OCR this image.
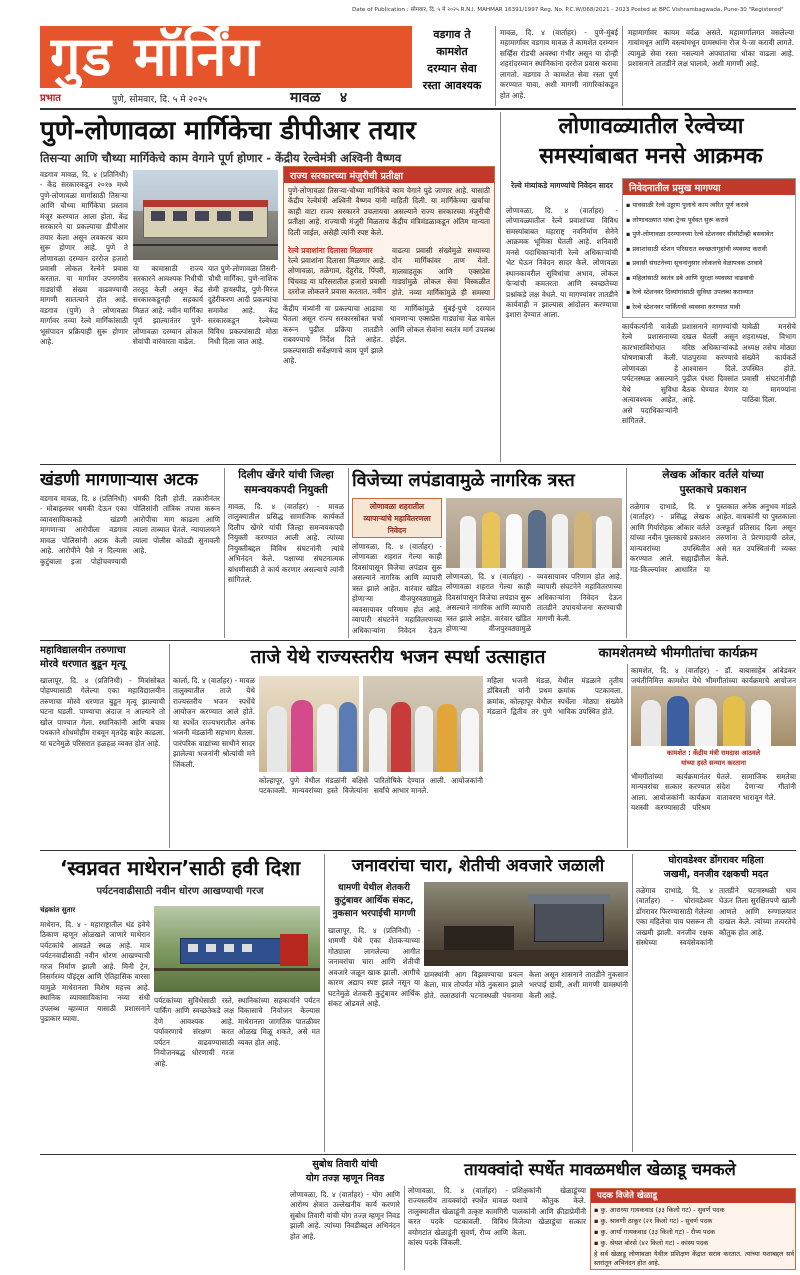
Date of Publication : सोमवार, दि. ५ मे २०२५ R.N.I. MAHMAR 16391/1997 Reg. No. P.C.W/068/2021 - 2023 Posted at BPC Vishrambagwada, Pune-30 "Registered"
गुड मॉर्निंग
प्रभात	पुणे, सोमवार, दि. ५ मे २०२५	मावळ ४
वडगाव ते
कामशेत
दरम्यान सेवा
रस्ता आवश्यक
मावळ, दि. ४ (वार्ताहर) - पुणे-मुंबई महामार्गावर वडगाव मावळ ते कामशेत दरम्यान सर्व्हिस रोडची अवस्था गंभीर असून या दोन्ही शहरांदरम्यान स्थानिकांना दररोज प्रवास करावा लागतो. वडगाव ते कामशेत सेवा रस्ता पूर्ण करण्यात यावा, अशी मागणी नागरिकांकडून होत आहे.
महामार्गावर कायम वर्दळ असते. महामार्गालगत वसलेल्या गावांमधून आणि वस्त्यांमधून ग्रामस्थांना रोज ये-जा करावी लागते. त्यामुळे सेवा रस्ता नसल्याने अपघातांचा धोका वाढला आहे. प्रशासनाने तातडीने लक्ष घालावे, अशी मागणी आहे.
पुणे-लोणावळा मार्गिकेचा डीपीआर तयार
तिसऱ्या आणि चौथ्या मार्गिकेचे काम वेगाने पूर्ण होणार - केंद्रीय रेल्वेमंत्री अश्विनी वैष्णव
वडगाव मावळ, दि. ४ (प्रतिनिधी) - केंद्र सरकारकडून २०१७ मध्ये पुणे-लोणावळा मार्गासाठी तिसऱ्या आणि चौथ्या मार्गिकेचा प्रस्ताव मंजूर करण्यात आला होता. केंद्र सरकारने या प्रकल्पाचा डीपीआर तयार केला असून लवकरच काम सुरू होणार आहे. पुणे ते लोणावळा दरम्यान दररोज हजारो प्रवासी लोकल रेल्वेने प्रवास करतात. या मार्गावर उपनगरीय गाड्यांची संख्या वाढवण्याची मागणी सातत्याने होत आहे. वडगाव (पुणे) ते लोणावळा मार्गावर नव्या रेल्वे मार्गिकांसाठी भूसंपादन प्रक्रियाही सुरू होणार आहे.
या कामासाठी राज्य सरकारने आवश्यक निधीची तरतूद केली असून केंद्र सरकारकडूनही सहकार्य मिळत आहे. नवीन मार्गिका पूर्ण झाल्यानंतर पुणे-लोणावळा दरम्यान लोकल सेवांची वारंवारता वाढेल.
यात पुणे-लोणावळा तिसरी-चौथी मार्गिका, पुणे-नाशिक सेमी हायस्पीड, पुणे-मिरज दुहेरीकरण आदी प्रकल्पांचा समावेश आहे. केंद्र सरकारकडून रेल्वेच्या विविध प्रकल्पांसाठी मोठा निधी दिला जात आहे.
राज्य सरकारच्या मंजुरीची प्रतीक्षा
पुणे-लोणावळा तिसऱ्या-चौथ्या मार्गिकेचे काम वेगाने पुढे जाणार आहे. यासाठी केंद्रीय रेल्वेमंत्री अश्विनी वैष्णव यांनी माहिती दिली. या मार्गिकेच्या खर्चाचा काही वाटा राज्य सरकारने उचलायचा असल्याने राज्य सरकारच्या मंजुरीची प्रतीक्षा आहे. राज्याची मंजुरी मिळताच केंद्रीय मंत्रिमंडळाकडून अंतिम मान्यता दिली जाईल, असेही त्यांनी स्पष्ट केले.
रेल्वे प्रवाशांना दिलासा मिळणार
रेल्वे प्रवाशांना दिलासा मिळणार आहे. लोणावळा, तळेगाव, देहूरोड, पिंपरी, चिंचवड या परिसरातील हजारो प्रवासी दररोज लोकलने प्रवास करतात. नवीन
वाढत्या प्रवासी संख्येमुळे सध्याच्या दोन मार्गिकांवर ताण येतो. मालवाहतूक आणि एक्सप्रेस गाड्यांमुळे लोकल सेवा विस्कळीत होते. नव्या मार्गिकांमुळे ही समस्या
केंद्रीय मंत्र्यांनी या प्रकल्पाचा आढावा घेतला असून राज्य सरकारसोबत चर्चा करून पुढील प्रक्रिया तातडीने राबवण्याचे निर्देश दिले आहेत. प्रकल्पासाठी सर्वेक्षणाचे काम पूर्ण झाले आहे.
या मार्गिकांमुळे मुंबई-पुणे दरम्यान धावणाऱ्या एक्सप्रेस गाड्यांचा वेळ वाचेल आणि लोकल सेवांना स्वतंत्र मार्ग उपलब्ध होईल.
लोणावळ्यातील रेल्वेच्या
समस्यांबाबत मनसे आक्रमक
रेल्वे मंत्र्यांकडे मागण्यांचे निवेदन सादर
लोणावळा, दि. ४ (वार्ताहर) - लोणावळ्यातील रेल्वे प्रवाशांच्या विविध समस्यांबाबत महाराष्ट्र नवनिर्माण सेनेने आक्रमक भूमिका घेतली आहे. शनिवारी मनसे पदाधिकाऱ्यांनी रेल्वे अधिकाऱ्यांची भेट घेऊन निवेदन सादर केले. लोणावळा स्थानकावरील सुविधांचा अभाव, लोकल फेऱ्यांची कमतरता आणि स्वच्छतेच्या प्रश्नांकडे लक्ष वेधले. या मागण्यांवर तातडीने कार्यवाही न झाल्यास आंदोलन करण्याचा इशारा देण्यात आला.
निवेदनातील प्रमुख मागण्या
▪ पावसाळी रेल्वे उड्डाण पुलाचे काम त्वरित पूर्ण करावे
▪ लोणावळ्यात थांबा ट्रेन्स पूर्ववत सुरू करावे
▪ पुणे-लोणावळा दरम्यानच्या रेल्वे स्टेशनवर सीसीटीव्ही बसवावेत
▪ प्रवाशांसाठी स्टेशन परिसरात स्वच्छतागृहांची व्यवस्था करावी
▪ प्रवासी संघटनेच्या सूचनांनुसार लोकलचे वेळापत्रक ठरवावे
▪ महिलांसाठी स्वतंत्र डबे आणि सुरक्षा व्यवस्था वाढवावी
▪ रेल्वे स्टेशनवर दिव्यांगांसाठी सुविधा उपलब्ध कराव्यात
▪ रेल्वे स्टेशनवर पार्किंगची व्यवस्था करण्यात यावी
कार्यकर्त्यांनी यावेळी रेल्वे प्रशासनाच्या कारभाराविरोधात घोषणाबाजी केली. लोणावळा हे पर्यटनस्थळ असल्याने येथे सुविधा अत्यावश्यक आहेत, असे पदाधिकाऱ्यांनी सांगितले.
प्रशासनाने मागण्यांची दखल घेतली असून वरिष्ठ अधिकाऱ्यांकडे पाठपुरावा करण्याचे आश्वासन दिले. पुढील पंधरा दिवसांत बैठक घेण्यात येणार आहे.
यावेळी मनसेचे शहराध्यक्ष, विभाग अध्यक्ष तसेच मोठ्या संख्येने कार्यकर्ते उपस्थित होते. प्रवासी संघटनांनीही या मागण्यांना पाठिंबा दिला.
खंडणी मागणाऱ्यास अटक
वडगाव मावळ, दि. ४ (प्रतिनिधी) - मोबाइलवर धमकी देऊन एका व्यावसायिकाकडे खंडणी मागणाऱ्या आरोपीला वडगाव मावळ पोलिसांनी अटक केली आहे. आरोपीने पैसे न दिल्यास कुटुंबाला इजा पोहोचवण्याची धमकी दिली होती. तक्रारीनंतर पोलिसांनी तांत्रिक तपास करून आरोपीचा माग काढला आणि त्याला ताब्यात घेतले. न्यायालयाने त्याला पोलीस कोठडी सुनावली आहे.
दिलीप खेंगरे यांची जिल्हा
समन्वयकपदी नियुक्ती
मावळ, दि. ४ (वार्ताहर) - मावळ तालुक्यातील प्रसिद्ध सामाजिक कार्यकर्ते दिलीप खेंगरे यांची जिल्हा समन्वयकपदी नियुक्ती करण्यात आली आहे. त्यांच्या नियुक्तीबद्दल विविध संघटनांनी त्यांचे अभिनंदन केले. पक्षाच्या संघटनात्मक बांधणीसाठी ते कार्य करणार असल्याचे त्यांनी सांगितले.
विजेच्या लपंडावामुळे नागरिक त्रस्त
लोणावळा शहरातील व्यापाऱ्यांचे महावितरणला निवेदन
लोणावळा, दि. ४ (वार्ताहर) - लोणावळा शहरात गेल्या काही दिवसांपासून विजेचा लपंडाव सुरू असल्याने नागरिक आणि व्यापारी त्रस्त झाले आहेत. वारंवार खंडित होणाऱ्या वीजपुरवठ्यामुळे व्यवसायावर परिणाम होत आहे. व्यापारी संघटनेने महावितरणच्या अधिकाऱ्यांना निवेदन देऊन
लोणावळा, दि. ४ (वार्ताहर) - लोणावळा शहरात गेल्या काही दिवसांपासून विजेचा लपंडाव सुरू असल्याने नागरिक आणि व्यापारी त्रस्त झाले आहेत. वारंवार खंडित होणाऱ्या वीजपुरवठ्यामुळे व्यवसायावर परिणाम होत आहे. व्यापारी संघटनेने महावितरणच्या अधिकाऱ्यांना निवेदन देऊन तातडीने उपाययोजना करण्याची मागणी केली.
लेखक ओंकार वर्तले यांच्या
पुस्तकाचे प्रकाशन
तळेगाव दाभाडे, दि. ४ (वार्ताहर) - प्रसिद्ध लेखक आणि गिर्यारोहक ओंकार वर्तले यांच्या नवीन पुस्तकाचे प्रकाशन मान्यवरांच्या उपस्थितीत करण्यात आले. सह्याद्रीतील गड-किल्ल्यांवर आधारित या पुस्तकात अनेक अनुभव मांडले आहेत. वाचकांनी या पुस्तकाला उत्स्फूर्त प्रतिसाद दिला असून तरुणांना ते प्रेरणादायी ठरेल, असे मत उपस्थितांनी व्यक्त केले.
महाविद्यालयीन तरुणाचा
मोरवे धरणात बुडून मृत्यू
खालापूर, दि. ४ (प्रतिनिधी) - मित्रांसोबत पोहण्यासाठी गेलेल्या एका महाविद्यालयीन तरुणाचा मोरवे धरणात बुडून मृत्यू झाल्याची घटना घडली. पाण्याचा अंदाज न आल्याने तो खोल पाण्यात गेला. स्थानिकांनी आणि बचाव पथकाने शोधमोहीम राबवून मृतदेह बाहेर काढला. या घटनेमुळे परिसरात हळहळ व्यक्त होत आहे.
ताजे येथे राज्यस्तरीय भजन स्पर्धा उत्साहात
कार्ला, दि. ४ (वार्ताहर) - मावळ तालुक्यातील ताजे येथे राज्यस्तरीय भजन स्पर्धेचे आयोजन करण्यात आले होते. या स्पर्धेत राज्यभरातील अनेक भजनी मंडळांनी सहभाग घेतला. पारंपरिक वाद्यांच्या साथीने सादर झालेल्या भजनांनी श्रोत्यांची मने जिंकली.
कोल्हापूर, पुणे येथील मंडळांनी बक्षिसे पटकावली. मान्यवरांच्या हस्ते विजेत्यांना पारितोषिके देण्यात आली. आयोजकांनी सर्वांचे आभार मानले.
महिला भजनी मंडळ, डोंबिवली यांनी प्रथम क्रमांक, कोल्हापूर येथील मंडळाने द्वितीय तर पुणे येथील मंडळाने तृतीय क्रमांक पटकावला. स्पर्धेला मोठ्या संख्येने भाविक उपस्थित होते.
कामशेतमध्ये भीमगीतांचा कार्यक्रम
कामशेत, दि. ४ (वार्ताहर) - डॉ. बाबासाहेब आंबेडकर जयंतीनिमित्त कामशेत येथे भीमगीतांच्या कार्यक्रमाचे आयोजन
कामशेत : केंद्रीय मंत्री रामदास आठवले
यांच्या हस्ते सन्मान करताना
भीमगीतांच्या कार्यक्रमानंतर मान्यवरांचा सत्कार करण्यात आला. आयोजकांनी कार्यक्रम यशस्वी करण्यासाठी परिश्रम घेतले. सामाजिक समतेचा संदेश देणाऱ्या गीतांनी वातावरण भारावून गेले.
‘स्वप्नवत माथेरान’साठी हवी दिशा
पर्यटनवाढीसाठी नवीन धोरण आखण्याची गरज
चंद्रकांत सुतार
माथेरान, दि. ४ - महाराष्ट्रातील थंड हवेचे ठिकाण म्हणून ओळखले जाणारे माथेरान पर्यटकांचे आवडते स्थळ आहे. मात्र पर्यटनवाढीसाठी नवीन धोरण आखण्याची गरज निर्माण झाली आहे. मिनी ट्रेन, निसर्गरम्य पॉइंट्स आणि ऐतिहासिक वारसा यामुळे माथेरानला विशेष महत्त्व आहे. स्थानिक व्यावसायिकांना नव्या संधी उपलब्ध व्हाव्यात यासाठी प्रशासनाने पुढाकार घ्यावा.
पर्यटकांच्या सुविधेसाठी रस्ते, पार्किंग आणि स्वच्छतेकडे लक्ष देणे आवश्यक आहे. पर्यावरणाचे संरक्षण करत पर्यटन वाढवण्यासाठी नियोजनबद्ध धोरणाची गरज आहे.
स्थानिकांच्या सहकार्याने पर्यटन विकासाचे नियोजन केल्यास माथेरानला जागतिक पातळीवर ओळख मिळू शकते, असे मत व्यक्त होत आहे.
जनावरांचा चारा, शेतीची अवजारे जळाली
धामणी येथील शेतकरी
कुटुंबावर आर्थिक संकट,
नुकसान भरपाईची मागणी
खालापूर, दि. ४ (प्रतिनिधी) - धामणी येथे एका शेतकऱ्याच्या गोठ्याला लागलेल्या आगीत जनावरांचा चारा आणि शेतीची अवजारे जळून खाक झाली. आगीचे कारण अद्याप स्पष्ट झाले नसून या घटनेमुळे शेतकरी कुटुंबावर आर्थिक संकट ओढवले आहे.
ग्रामस्थांनी आग विझवण्याचा प्रयत्न केला, मात्र तोपर्यंत मोठे नुकसान झाले होते. तलाठ्यांनी घटनास्थळी पंचनामा केला असून शासनाने तातडीने नुकसान भरपाई द्यावी, अशी मागणी ग्रामस्थांनी केली आहे.
घोरावडेश्वर डोंगरावर महिला
जखमी, वनजीव रक्षकची मदत
तळेगाव दाभाडे, दि. ४ (वार्ताहर) - घोरावडेश्वर डोंगरावर फिरण्यासाठी गेलेल्या एका महिलेचा पाय घसरून ती जखमी झाली. वनजीव रक्षक संस्थेच्या स्वयंसेवकांनी तातडीने घटनास्थळी धाव घेऊन तिला सुरक्षितपणे खाली आणले आणि रुग्णालयात दाखल केले. त्यांच्या तत्परतेचे कौतुक होत आहे.
सुबोध तिवारी यांची
योग तज्ज्ञ म्हणून निवड	तायक्वांदो स्पर्धेत मावळमधील खेळाडू चमकले
लोणावळा, दि. ४ (वार्ताहर) - योग आणि आरोग्य क्षेत्रात उल्लेखनीय कार्य करणारे सुबोध तिवारी यांची योग तज्ज्ञ म्हणून निवड झाली आहे. त्यांच्या निवडीबद्दल अभिनंदन होत आहे.
लोणावळा, दि. ४ (वार्ताहर) - राज्यस्तरीय तायक्वांदो स्पर्धेत मावळ तालुक्यातील खेळाडूंनी उत्कृष्ट कामगिरी करत पदके पटकावली. विविध वयोगटांत खेळाडूंनी सुवर्ण, रौप्य आणि कांस्य पदके जिंकली.
प्रशिक्षकांनी खेळाडूंच्या यशाचे कौतुक केले. पालकांनी आणि क्रीडाप्रेमींनी विजेत्या खेळाडूंचा सत्कार केला.
पदक विजेते खेळाडू
▪ कु. आराध्या गायकवाड (३३ किलो गट) - सुवर्ण पदक
▪ कु. श्रावणी ठाकूर (२१ किलो गट) - सुवर्ण पदक
▪ कु. आर्या गायकवाड (३३ किलो गट) - रौप्य पदक
▪ कु. श्रेयश बोरसे (४२ किलो गट) - कांस्य पदक
हे सर्व खेळाडू लोणावळा येथील प्रशिक्षण केंद्रात सराव करतात. त्यांच्या यशाबद्दल सर्व स्तरांतून अभिनंदन होत आहे.
